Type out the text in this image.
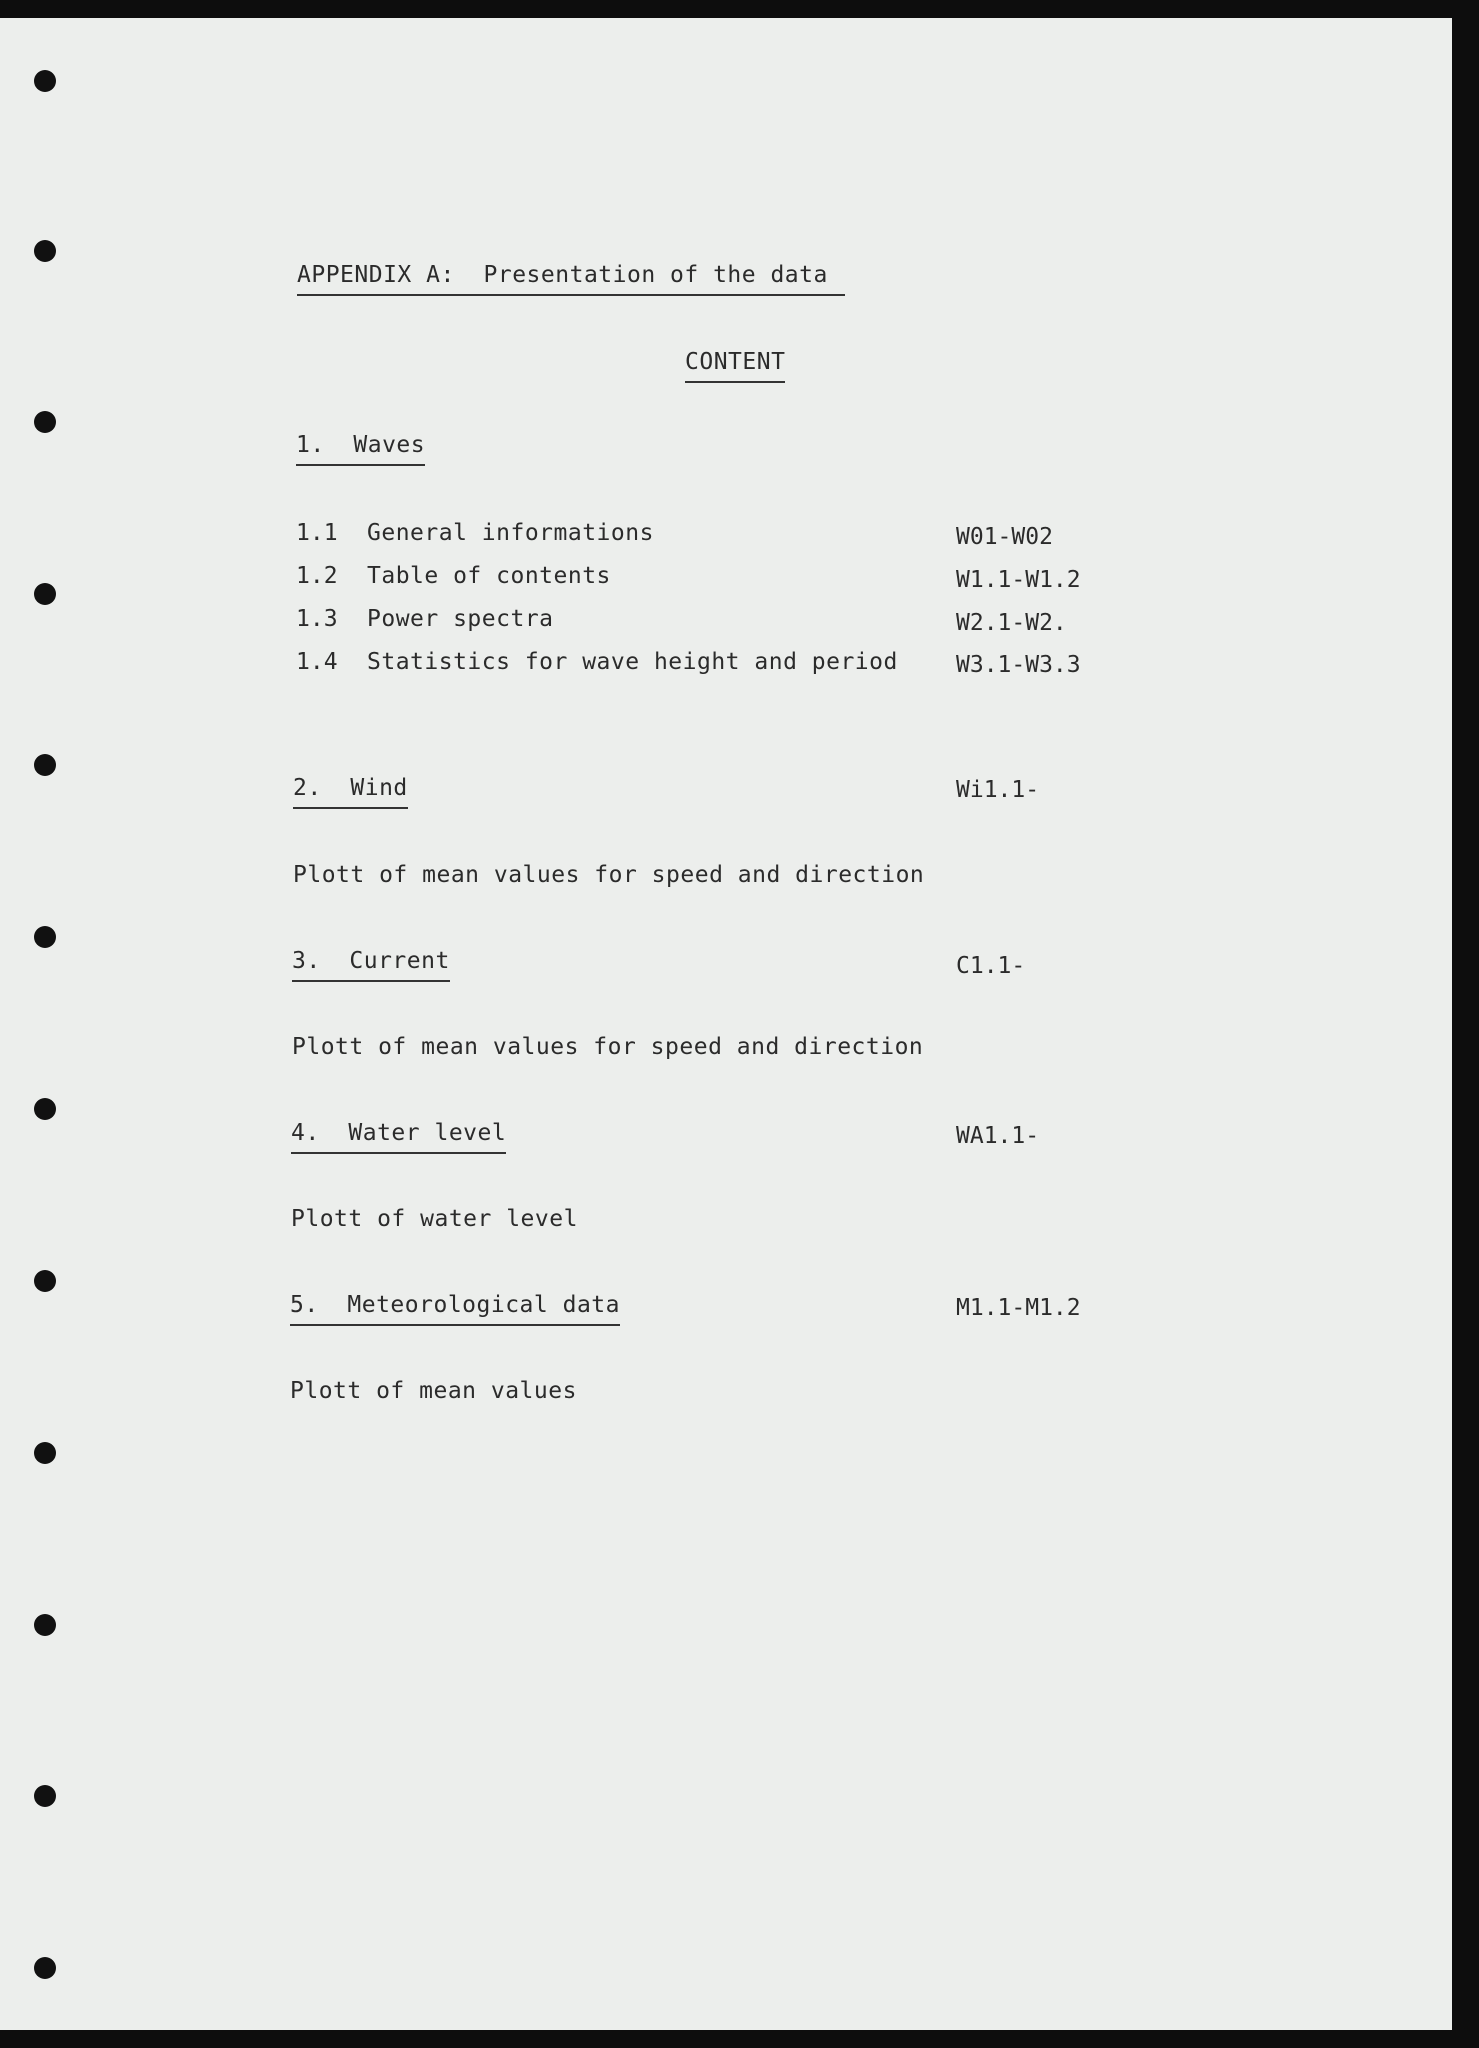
APPENDIX A:  Presentation of the data
CONTENT
1.  Waves
1.1 General informations	W01-W02
1.2 Table of contents	W1.1-W1.2
1.3 Power spectra	W2.1-W2.
1.4 Statistics for wave height and period	W3.1-W3.3
2.  Wind	Wi1.1-
Plott of mean values for speed and direction
3.  Current	C1.1-
Plott of mean values for speed and direction
4.  Water level	WA1.1-
Plott of water level
5.  Meteorological data	M1.1-M1.2
Plott of mean values
